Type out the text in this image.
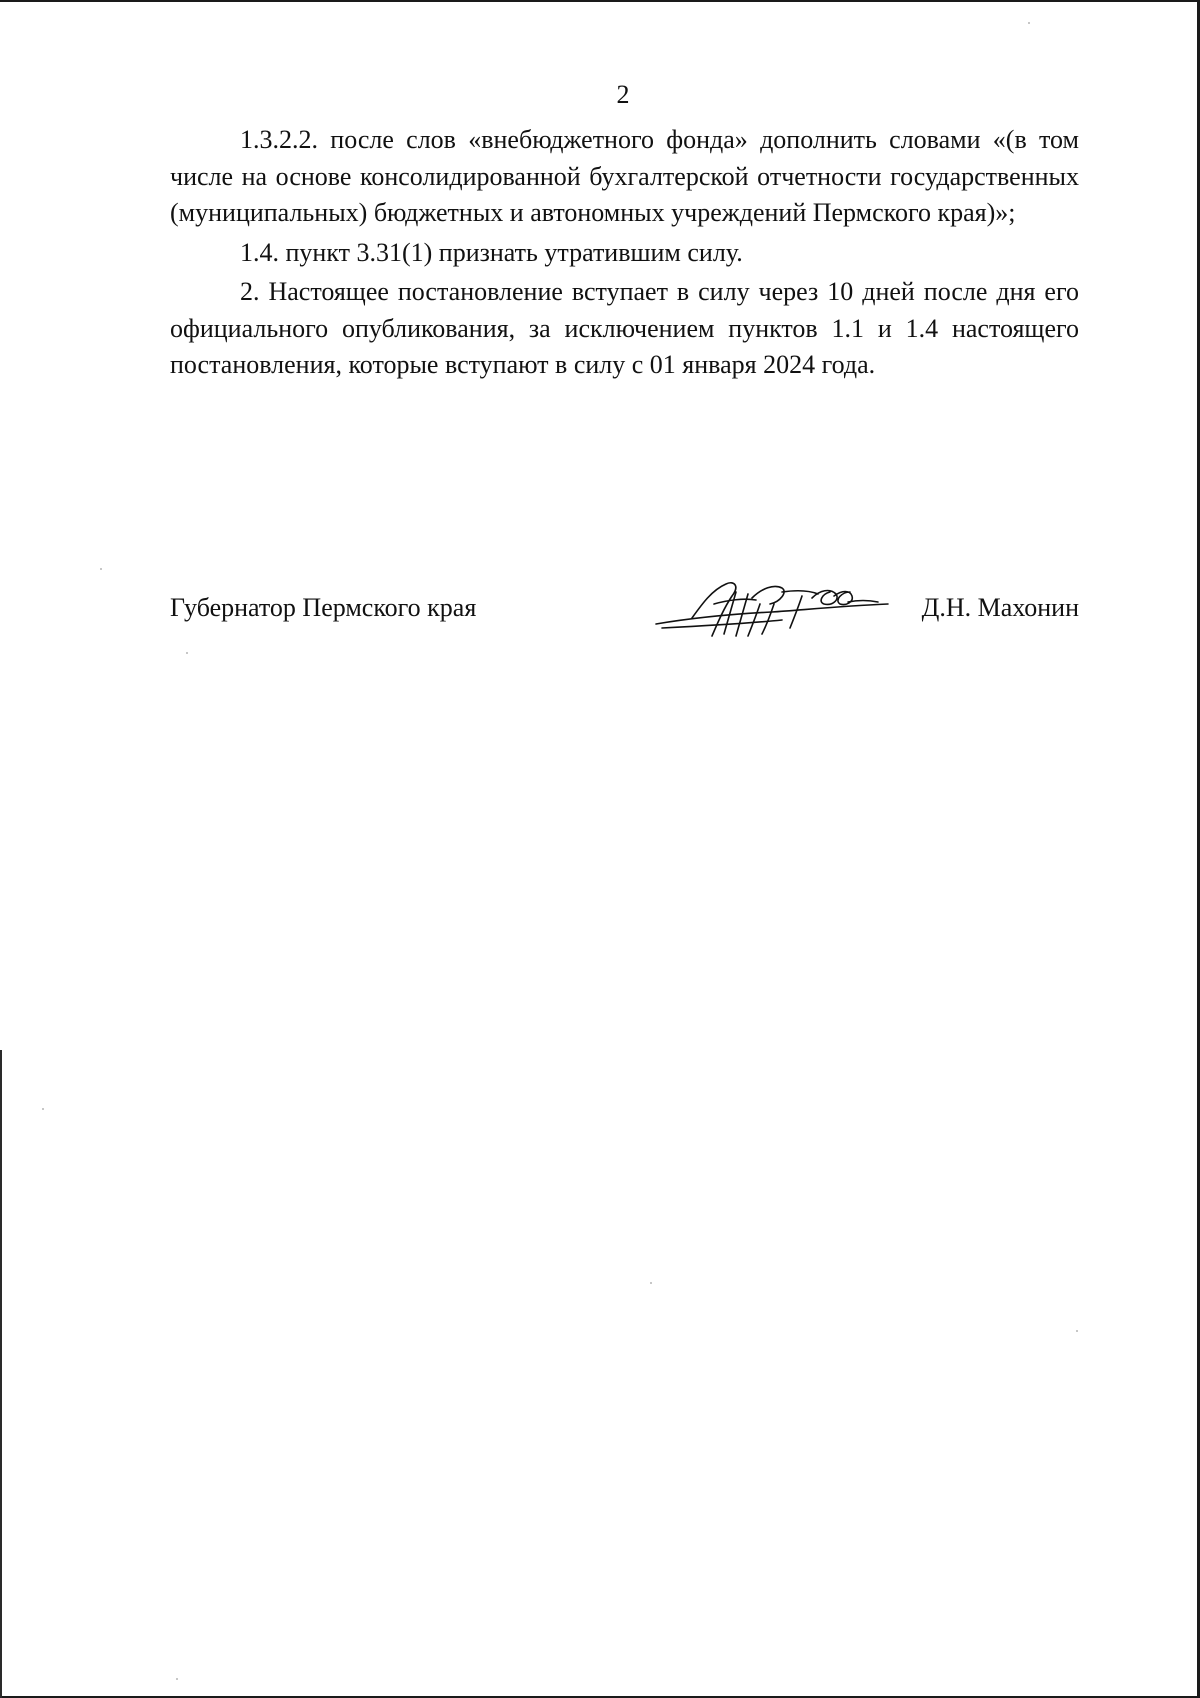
2

1.3.2.2. после слов «внебюджетного фонда» дополнить словами «(в том числе на основе консолидированной бухгалтерской отчетности государственных (муниципальных) бюджетных и автономных учреждений Пермского края)»;

1.4. пункт 3.31(1) признать утратившим силу.

2. Настоящее постановление вступает в силу через 10 дней после дня его официального опубликования, за исключением пунктов 1.1 и 1.4 настоящего постановления, которые вступают в силу с 01 января 2024 года.

Губернатор Пермского края	Д.Н. Махонин
